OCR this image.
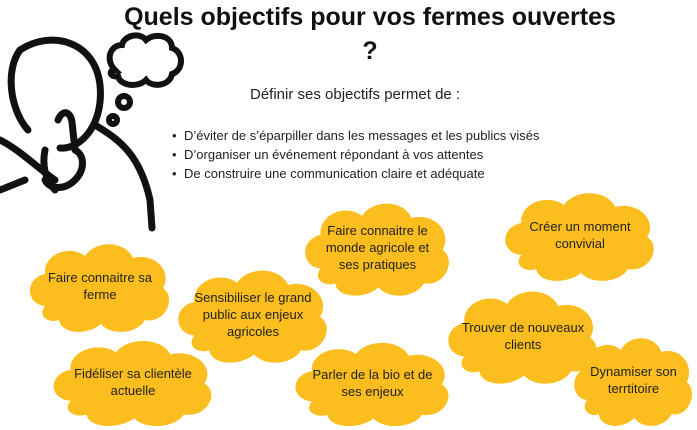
Quels objectifs pour vos fermes ouvertes ?
Définir ses objectifs permet de :
• D’éviter de s’éparpiller dans les messages et les publics visés
• D’organiser un événement répondant à vos attentes
• De construire une communication claire et adéquate
Faire connaitre sa ferme	Sensibiliser le grand public aux enjeux agricoles
Faire connaitre le monde agricole et ses pratiques
Créer un moment convivial
Fidéliser sa clientèle actuelle
Parler de la bio et de ses enjeux
Trouver de nouveaux clients
Dynamiser son terrtitoire
